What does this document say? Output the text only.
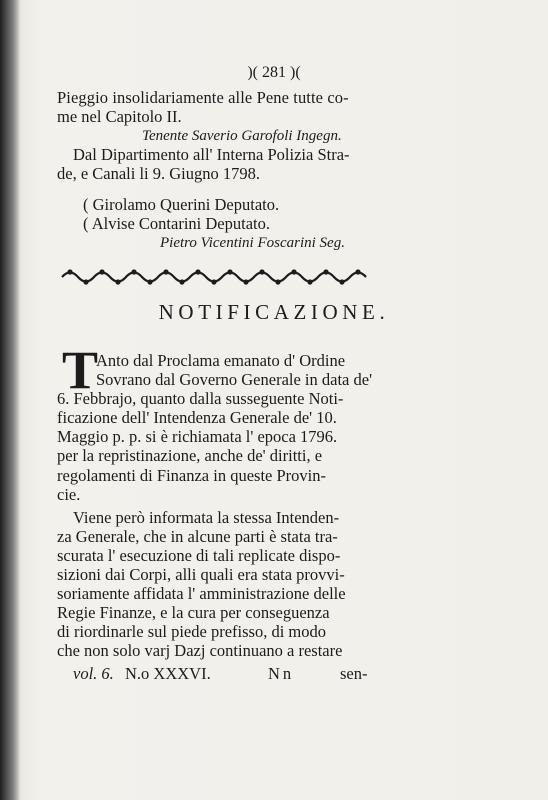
)( 281 )(
Pieggio insolidariamente alle Pene tutte co-
me nel Capitolo II.
Tenente Saverio Garofoli Ingegn.
Dal Dipartimento all' Interna Polizia Stra-
de, e Canali li 9. Giugno 1798.
( Girolamo Querini Deputato.
( Alvise Contarini Deputato.
Pietro Vicentini Foscarini Seg.
NOTIFICAZIONE.
T
Anto dal Proclama emanato d' Ordine
Sovrano dal Governo Generale in data de'
6. Febbrajo, quanto dalla susseguente Noti-
ficazione dell' Intendenza Generale de' 10.
Maggio p. p. si è richiamata l' epoca 1796.
per la repristinazione, anche de' diritti, e
regolamenti di Finanza in queste Provin-
cie.
Viene però informata la stessa Intenden-
za Generale, che in alcune parti è stata tra-
scurata l' esecuzione di tali replicate dispo-
sizioni dai Corpi, alli quali era stata provvi-
soriamente affidata l' amministrazione delle
Regie Finanze, e la cura per conseguenza
di riordinarle sul piede prefisso, di modo
che non solo varj Dazj continuano a restare
vol. 6. N.o XXXVI.	Nn	sen-
